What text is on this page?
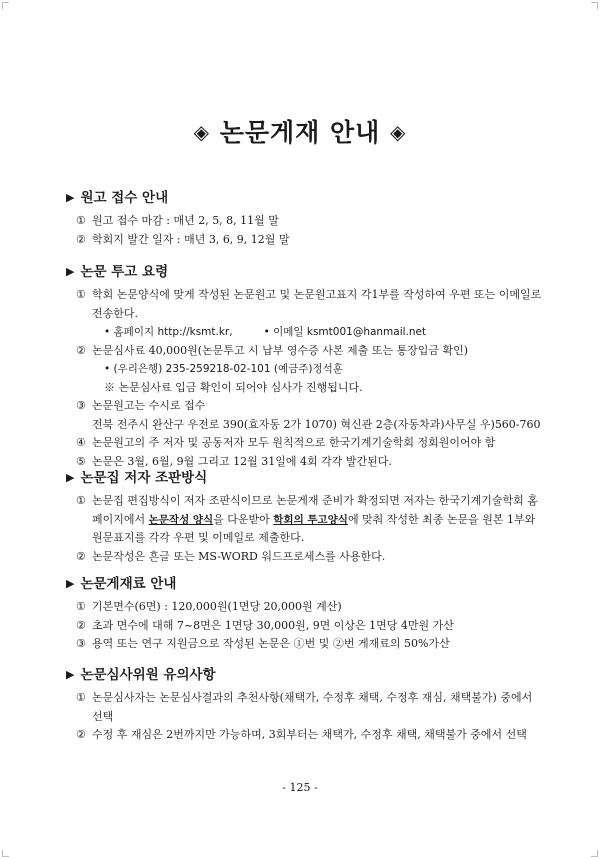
◈ 논문게재 안내 ◈
▶ 원고 접수 안내
① 원고 접수 마감 : 매년 2, 5, 8, 11월 말
② 학회지 발간 일자 : 매년 3, 6, 9, 12월 말
▶ 논문 투고 요령
① 학회 논문양식에 맞게 작성된 논문원고 및 논문원고표지 각1부를 작성하여 우편 또는 이메일로 전송한다.
• 홈페이지 http://ksmt.kr,	• 이메일 ksmt001@hanmail.net
② 논문심사료 40,000원(논문투고 시 납부 영수증 사본 제출 또는 통장입금 확인)
• (우리은행) 235-259218-02-101 (예금주)정석훈
※ 논문심사료 입금 확인이 되어야 심사가 진행됩니다.
③ 논문원고는 수시로 접수
전북 전주시 완산구 우전로 390(효자동 2가 1070) 혁신관 2층(자동차과)사무실 우)560-760
④ 논문원고의 주 저자 및 공동저자 모두 원칙적으로 한국기계기술학회 정회원이어야 함
⑤ 논문은 3월, 6월, 9월 그리고 12월 31일에 4회 각각 발간된다.
▶ 논문집 저자 조판방식
① 논문집 편집방식이 저자 조판식이므로 논문게재 준비가 확정되면 저자는 한국기계기술학회 홈페이지에서 논문작성 양식을 다운받아 학회의 투고양식에 맞춰 작성한 최종 논문을 원본 1부와 원문표지를 각각 우편 및 이메일로 제출한다.
② 논문작성은 흔글 또는 MS-WORD 워드프로세스를 사용한다.
▶ 논문게재료 안내
① 기본면수(6면) : 120,000원(1면당 20,000원 계산)
② 초과 면수에 대해 7~8면은 1면당 30,000원, 9면 이상은 1면당 4만원 가산
③ 용역 또는 연구 지원금으로 작성된 논문은 ①번 및 ②번 게재료의 50%가산
▶ 논문심사위원 유의사항
① 논문심사자는 논문심사결과의 추천사항(채택가, 수정후 채택, 수정후 재심, 채택불가) 중에서 선택
② 수정 후 재심은 2번까지만 가능하며, 3회부터는 채택가, 수정후 채택, 채택불가 중에서 선택
- 125 -
